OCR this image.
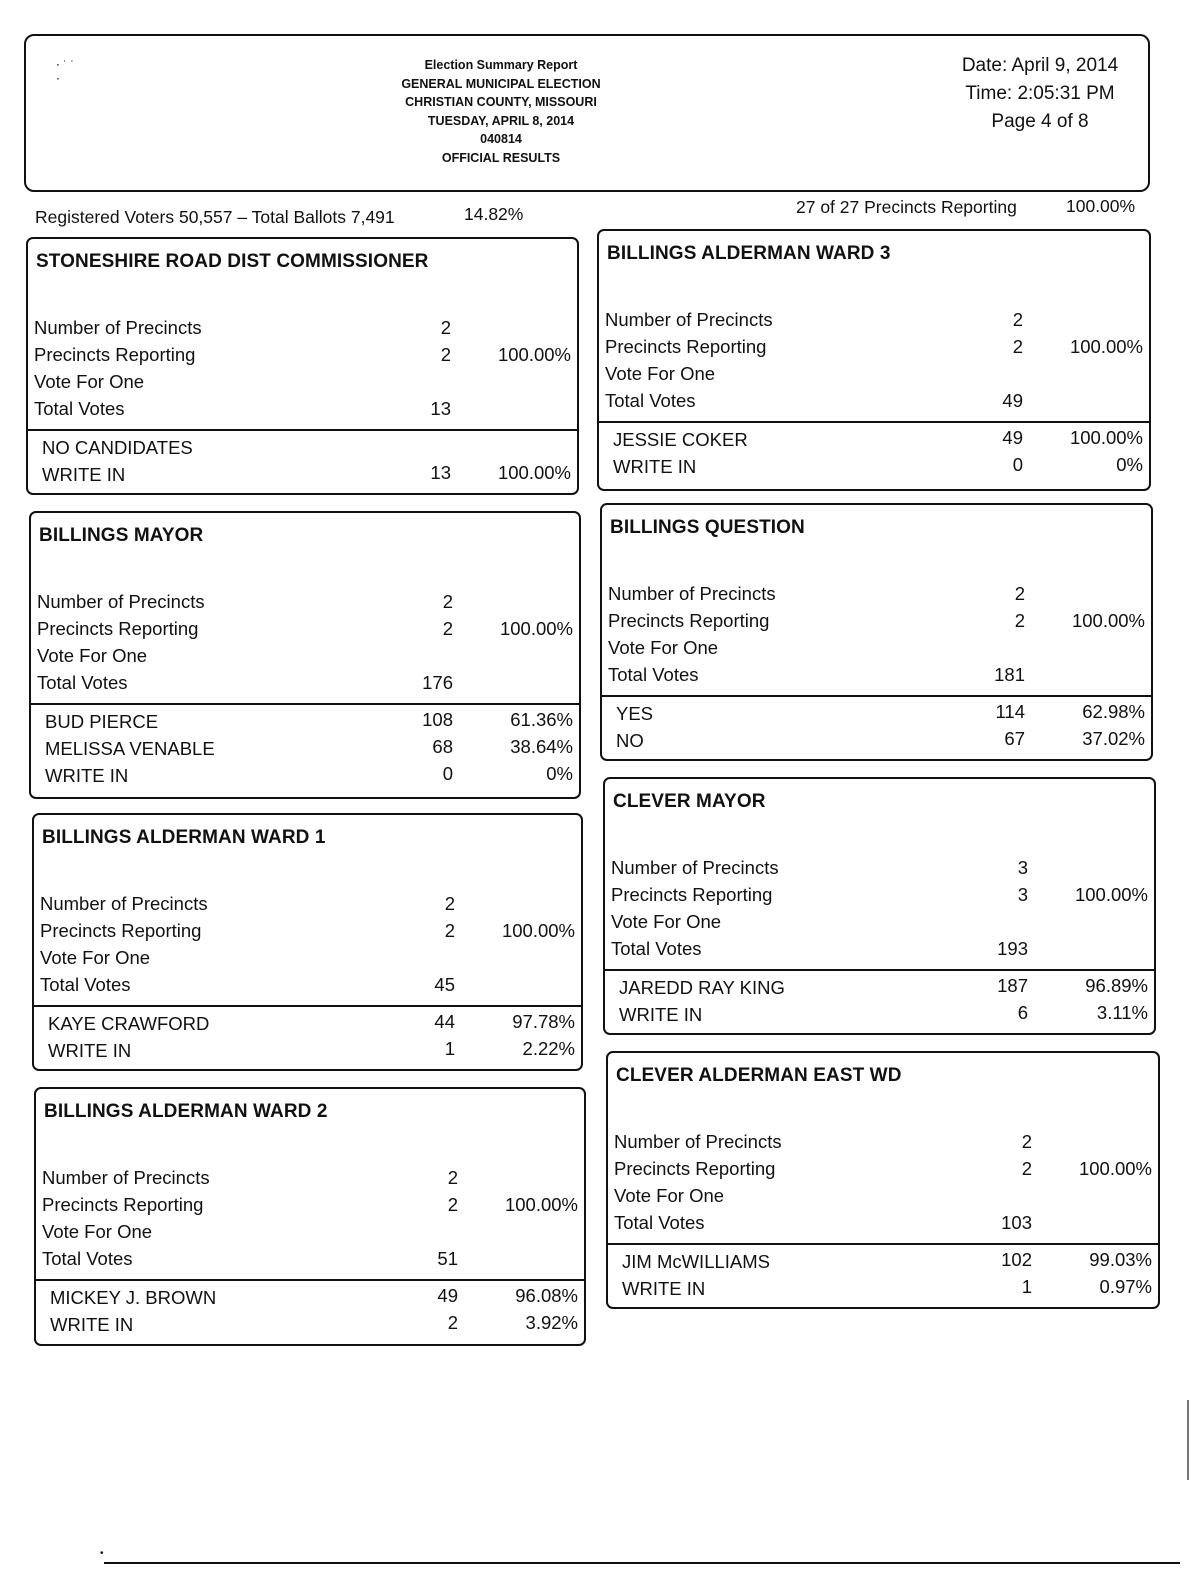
⋅ ˙ ˙
⋅
Election Summary Report
GENERAL MUNICIPAL ELECTION
CHRISTIAN COUNTY, MISSOURI
TUESDAY, APRIL 8, 2014
040814
OFFICIAL RESULTS
Date: April 9, 2014
Time: 2:05:31 PM
Page 4 of 8
Registered Voters 50,557 – Total Ballots 7,491	14.82%	27 of 27 Precincts Reporting	100.00%
STONESHIRE ROAD DIST COMMISSIONER
Number of Precincts	2
Precincts Reporting	2	100.00%
Vote For One
Total Votes	13
NO CANDIDATES
WRITE IN	13	100.00%
BILLINGS MAYOR
Number of Precincts	2
Precincts Reporting	2	100.00%
Vote For One
Total Votes	176
BUD PIERCE	108	61.36%
MELISSA VENABLE	68	38.64%
WRITE IN	0	0%
BILLINGS ALDERMAN WARD 1
Number of Precincts	2
Precincts Reporting	2	100.00%
Vote For One
Total Votes	45
KAYE CRAWFORD	44	97.78%
WRITE IN	1	2.22%
BILLINGS ALDERMAN WARD 2
Number of Precincts	2
Precincts Reporting	2	100.00%
Vote For One
Total Votes	51
MICKEY J. BROWN	49	96.08%
WRITE IN	2	3.92%
BILLINGS ALDERMAN WARD 3
Number of Precincts	2
Precincts Reporting	2	100.00%
Vote For One
Total Votes	49
JESSIE COKER	49	100.00%
WRITE IN	0	0%
BILLINGS QUESTION
Number of Precincts	2
Precincts Reporting	2	100.00%
Vote For One
Total Votes	181
YES	114	62.98%
NO	67	37.02%
CLEVER MAYOR
Number of Precincts	3
Precincts Reporting	3	100.00%
Vote For One
Total Votes	193
JAREDD RAY KING	187	96.89%
WRITE IN	6	3.11%
CLEVER ALDERMAN EAST WD
Number of Precincts	2
Precincts Reporting	2	100.00%
Vote For One
Total Votes	103
JIM McWILLIAMS	102	99.03%
WRITE IN	1	0.97%
•
